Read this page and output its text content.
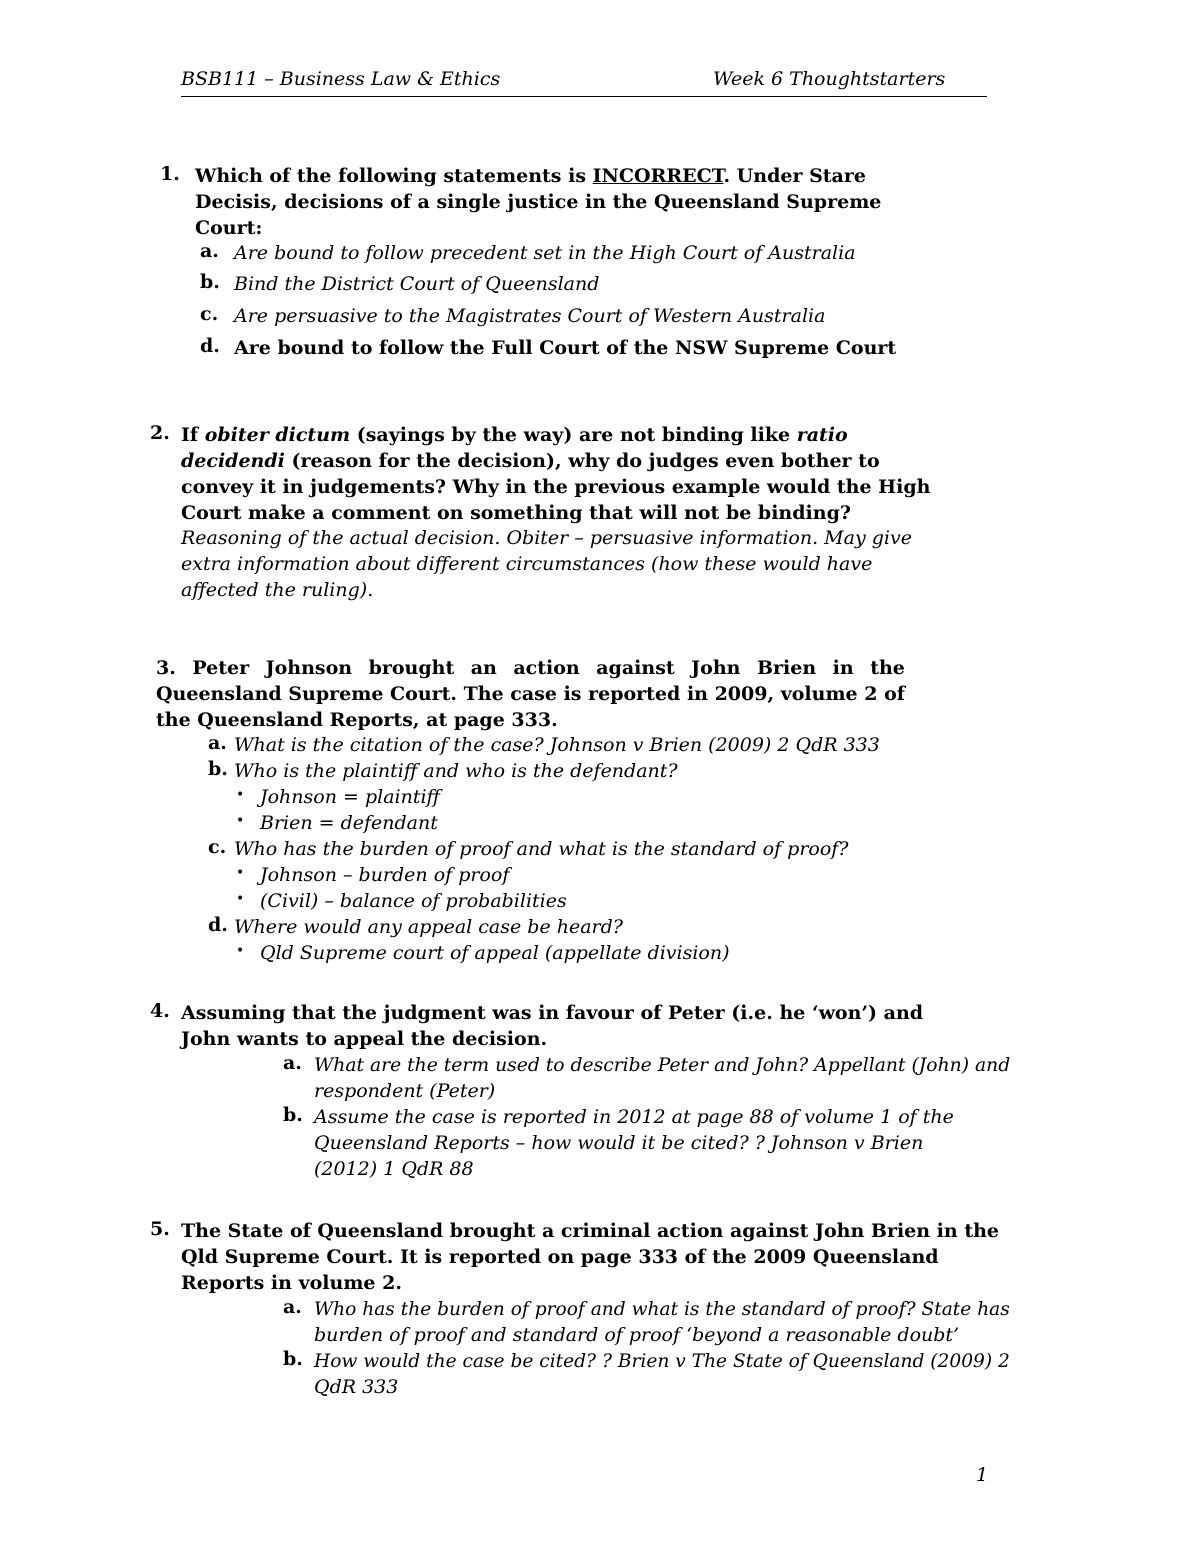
BSB111 – Business Law & Ethics	Week 6 Thoughtstarters
1. Which of the following statements is INCORRECT. Under Stare
Decisis, decisions of a single justice in the Queensland Supreme
Court:
a. Are bound to follow precedent set in the High Court of Australia
b. Bind the District Court of Queensland
c. Are persuasive to the Magistrates Court of Western Australia
d. Are bound to follow the Full Court of the NSW Supreme Court
2. If obiter dictum (sayings by the way) are not binding like ratio
decidendi (reason for the decision), why do judges even bother to
convey it in judgements? Why in the previous example would the High
Court make a comment on something that will not be binding?
Reasoning of the actual decision. Obiter – persuasive information. May give
extra information about different circumstances (how these would have
affected the ruling).
3. Peter Johnson brought an action against John Brien in the
Queensland Supreme Court. The case is reported in 2009, volume 2 of
the Queensland Reports, at page 333.
a. What is the citation of the case? Johnson v Brien (2009) 2 QdR 333
b. Who is the plaintiff and who is the defendant?
• Johnson = plaintiff
• Brien = defendant
c. Who has the burden of proof and what is the standard of proof?
• Johnson – burden of proof
• (Civil) – balance of probabilities
d. Where would any appeal case be heard?
• Qld Supreme court of appeal (appellate division)
4. Assuming that the judgment was in favour of Peter (i.e. he ‘won’) and
John wants to appeal the decision.
a. What are the term used to describe Peter and John? Appellant (John) and
respondent (Peter)
b. Assume the case is reported in 2012 at page 88 of volume 1 of the
Queensland Reports – how would it be cited? ? Johnson v Brien
(2012) 1 QdR 88
5. The State of Queensland brought a criminal action against John Brien in the
Qld Supreme Court. It is reported on page 333 of the 2009 Queensland
Reports in volume 2.
a. Who has the burden of proof and what is the standard of proof? State has
burden of proof and standard of proof ‘beyond a reasonable doubt’
b. How would the case be cited? ? Brien v The State of Queensland (2009) 2
QdR 333
1
